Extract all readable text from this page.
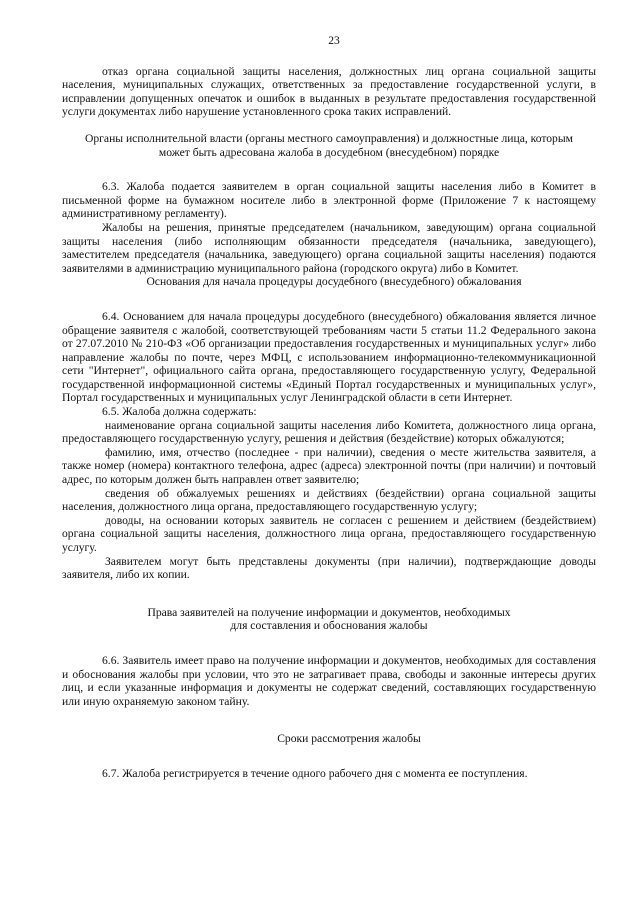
23

отказ органа социальной защиты населения, должностных лиц органа социальной защиты населения, муниципальных служащих, ответственных за предоставление государственной услуги, в исправлении допущенных опечаток и ошибок в выданных в результате предоставления государственной услуги документах либо нарушение установленного срока таких исправлений.

Органы исполнительной власти (органы местного самоуправления) и должностные лица, которым может быть адресована жалоба в досудебном (внесудебном) порядке

6.3. Жалоба подается заявителем в орган социальной защиты населения либо в Комитет в письменной форме на бумажном носителе либо в электронной форме (Приложение 7 к настоящему административному регламенту).

Жалобы на решения, принятые председателем (начальником, заведующим) органа социальной защиты населения (либо исполняющим обязанности председателя (начальника, заведующего), заместителем председателя (начальника, заведующего) органа социальной защиты населения) подаются заявителями в администрацию муниципального района (городского округа) либо в Комитет.

Основания для начала процедуры досудебного (внесудебного) обжалования

6.4. Основанием для начала процедуры досудебного (внесудебного) обжалования является личное обращение заявителя с жалобой, соответствующей требованиям части 5 статьи 11.2 Федерального закона от 27.07.2010 № 210-ФЗ «Об организации предоставления государственных и муниципальных услуг» либо направление жалобы по почте, через МФЦ, с использованием информационно-телекоммуникационной сети "Интернет", официального сайта органа, предоставляющего государственную услугу, Федеральной государственной информационной системы «Единый Портал государственных и муниципальных услуг», Портал государственных и муниципальных услуг Ленинградской области в сети Интернет.

6.5. Жалоба должна содержать:

наименование органа социальной защиты населения либо Комитета, должностного лица органа, предоставляющего государственную услугу, решения и действия (бездействие) которых обжалуются;

фамилию, имя, отчество (последнее - при наличии), сведения о месте жительства заявителя, а также номер (номера) контактного телефона, адрес (адреса) электронной почты (при наличии) и почтовый адрес, по которым должен быть направлен ответ заявителю;

сведения об обжалуемых решениях и действиях (бездействии) органа социальной защиты населения, должностного лица органа, предоставляющего государственную услугу;

доводы, на основании которых заявитель не согласен с решением и действием (бездействием) органа социальной защиты населения, должностного лица органа, предоставляющего государственную услугу.

Заявителем могут быть представлены документы (при наличии), подтверждающие доводы заявителя, либо их копии.

Права заявителей на получение информации и документов, необходимых

для составления и обоснования жалобы

6.6. Заявитель имеет право на получение информации и документов, необходимых для составления и обоснования жалобы при условии, что это не затрагивает права, свободы и законные интересы других лиц, и если указанные информация и документы не содержат сведений, составляющих государственную или иную охраняемую законом тайну.

Сроки рассмотрения жалобы

6.7. Жалоба регистрируется в течение одного рабочего дня с момента ее поступления.
